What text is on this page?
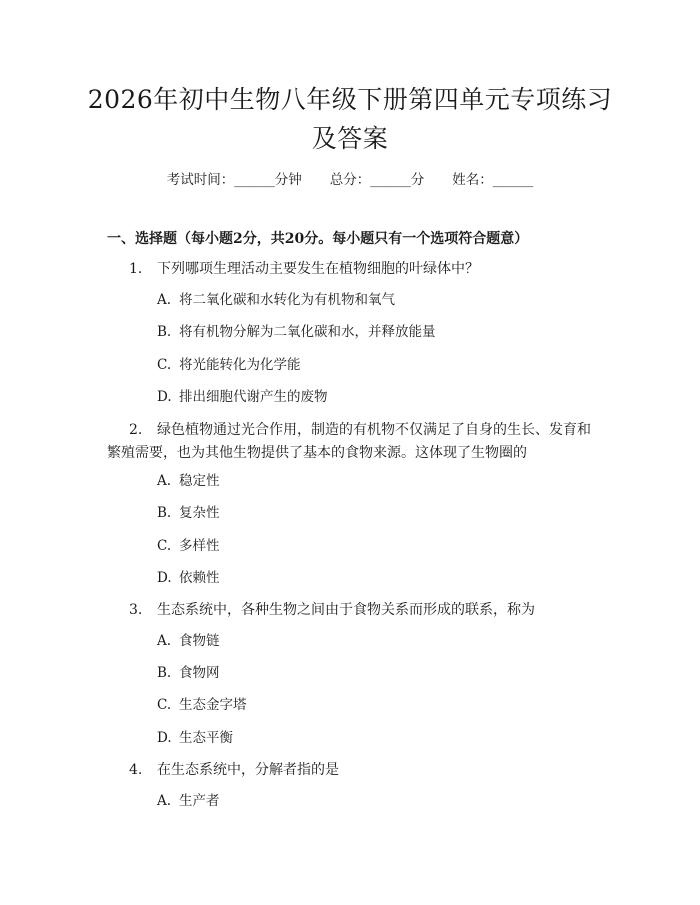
2026年初中生物八年级下册第四单元专项练习及答案
考试时间：______分钟 总分：______分 姓名：______
一、选择题（每小题2分，共20分。每小题只有一个选项符合题意）
1. 下列哪项生理活动主要发生在植物细胞的叶绿体中？
A. 将二氧化碳和水转化为有机物和氧气
B. 将有机物分解为二氧化碳和水，并释放能量
C. 将光能转化为化学能
D. 排出细胞代谢产生的废物
2. 绿色植物通过光合作用，制造的有机物不仅满足了自身的生长、发育和繁殖需要，也为其他生物提供了基本的食物来源。这体现了生物圈的
A. 稳定性
B. 复杂性
C. 多样性
D. 依赖性
3. 生态系统中，各种生物之间由于食物关系而形成的联系，称为
A. 食物链
B. 食物网
C. 生态金字塔
D. 生态平衡
4. 在生态系统中，分解者指的是
A. 生产者
